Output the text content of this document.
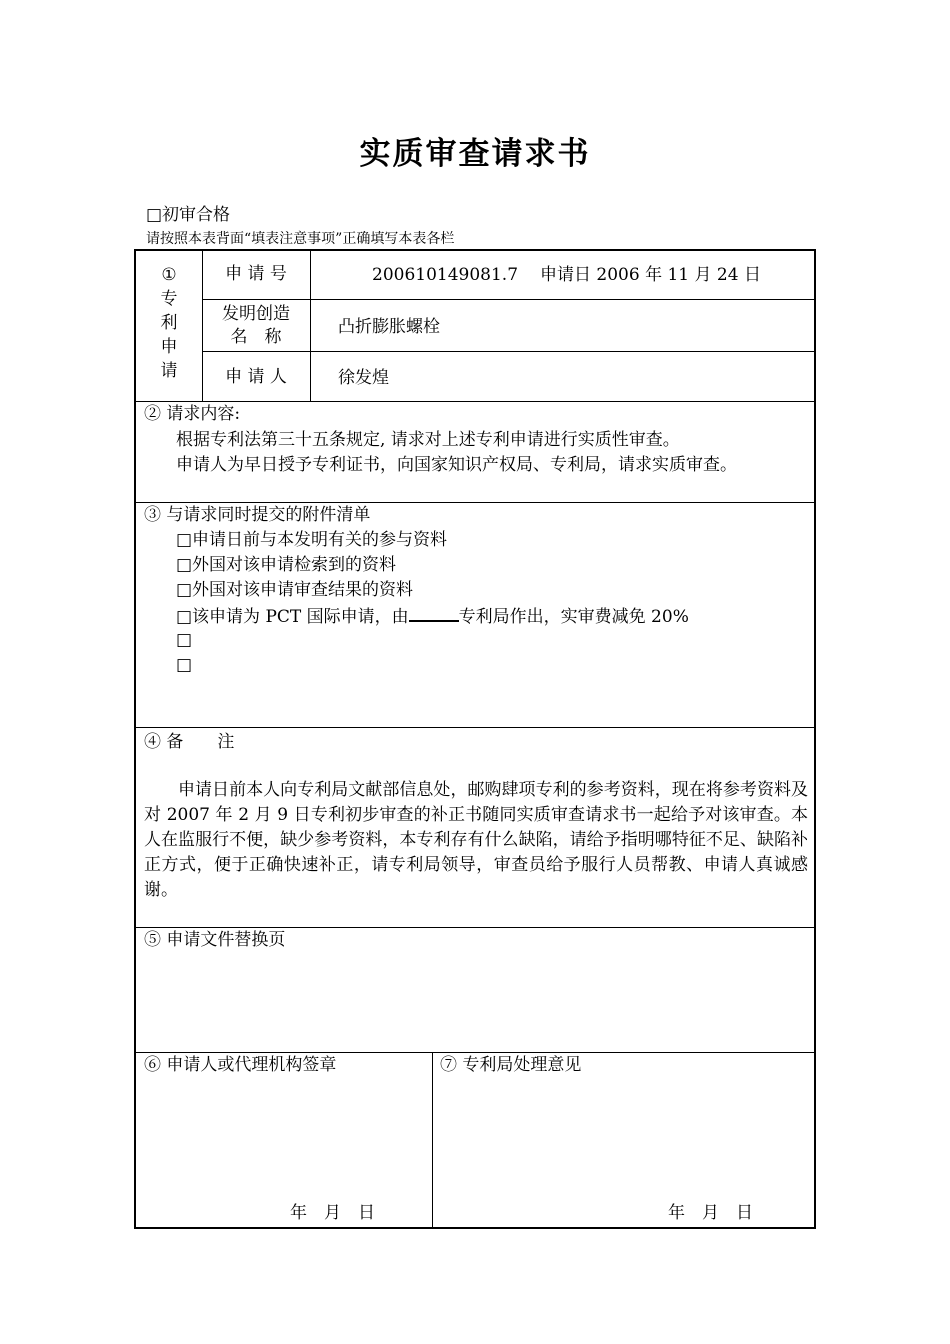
实质审查请求书
□初审合格
请按照本表背面“填表注意事项”正确填写本表各栏
①
专
利
申
请
申 请 号	200610149081.7 申请日 2006 年 11 月 24 日
发明创造
名　称	凸折膨胀螺栓
申 请 人	徐发煌
② 请求内容:
根据专利法第三十五条规定, 请求对上述专利申请进行实质性审查。
申请人为早日授予专利证书，向国家知识产权局、专利局，请求实质审查。
③ 与请求同时提交的附件清单
□申请日前与本发明有关的参与资料
□外国对该申请检索到的资料
□外国对该申请审查结果的资料
□该申请为 PCT 国际申请，由	专利局作出，实审费减免 20%
□
□
④ 备　　注
申请日前本人向专利局文献部信息处，邮购肆项专利的参考资料，现在将参考资料及对 2007 年 2 月 9 日专利初步审查的补正书随同实质审查请求书一起给予对该审查。本人在监服行不便，缺少参考资料，本专利存有什么缺陷，请给予指明哪特征不足、缺陷补正方式，便于正确快速补正，请专利局领导，审查员给予服行人员帮教、申请人真诚感谢。
⑤ 申请文件替换页
⑥ 申请人或代理机构签章
年　月　日
⑦ 专利局处理意见
年　月　日
